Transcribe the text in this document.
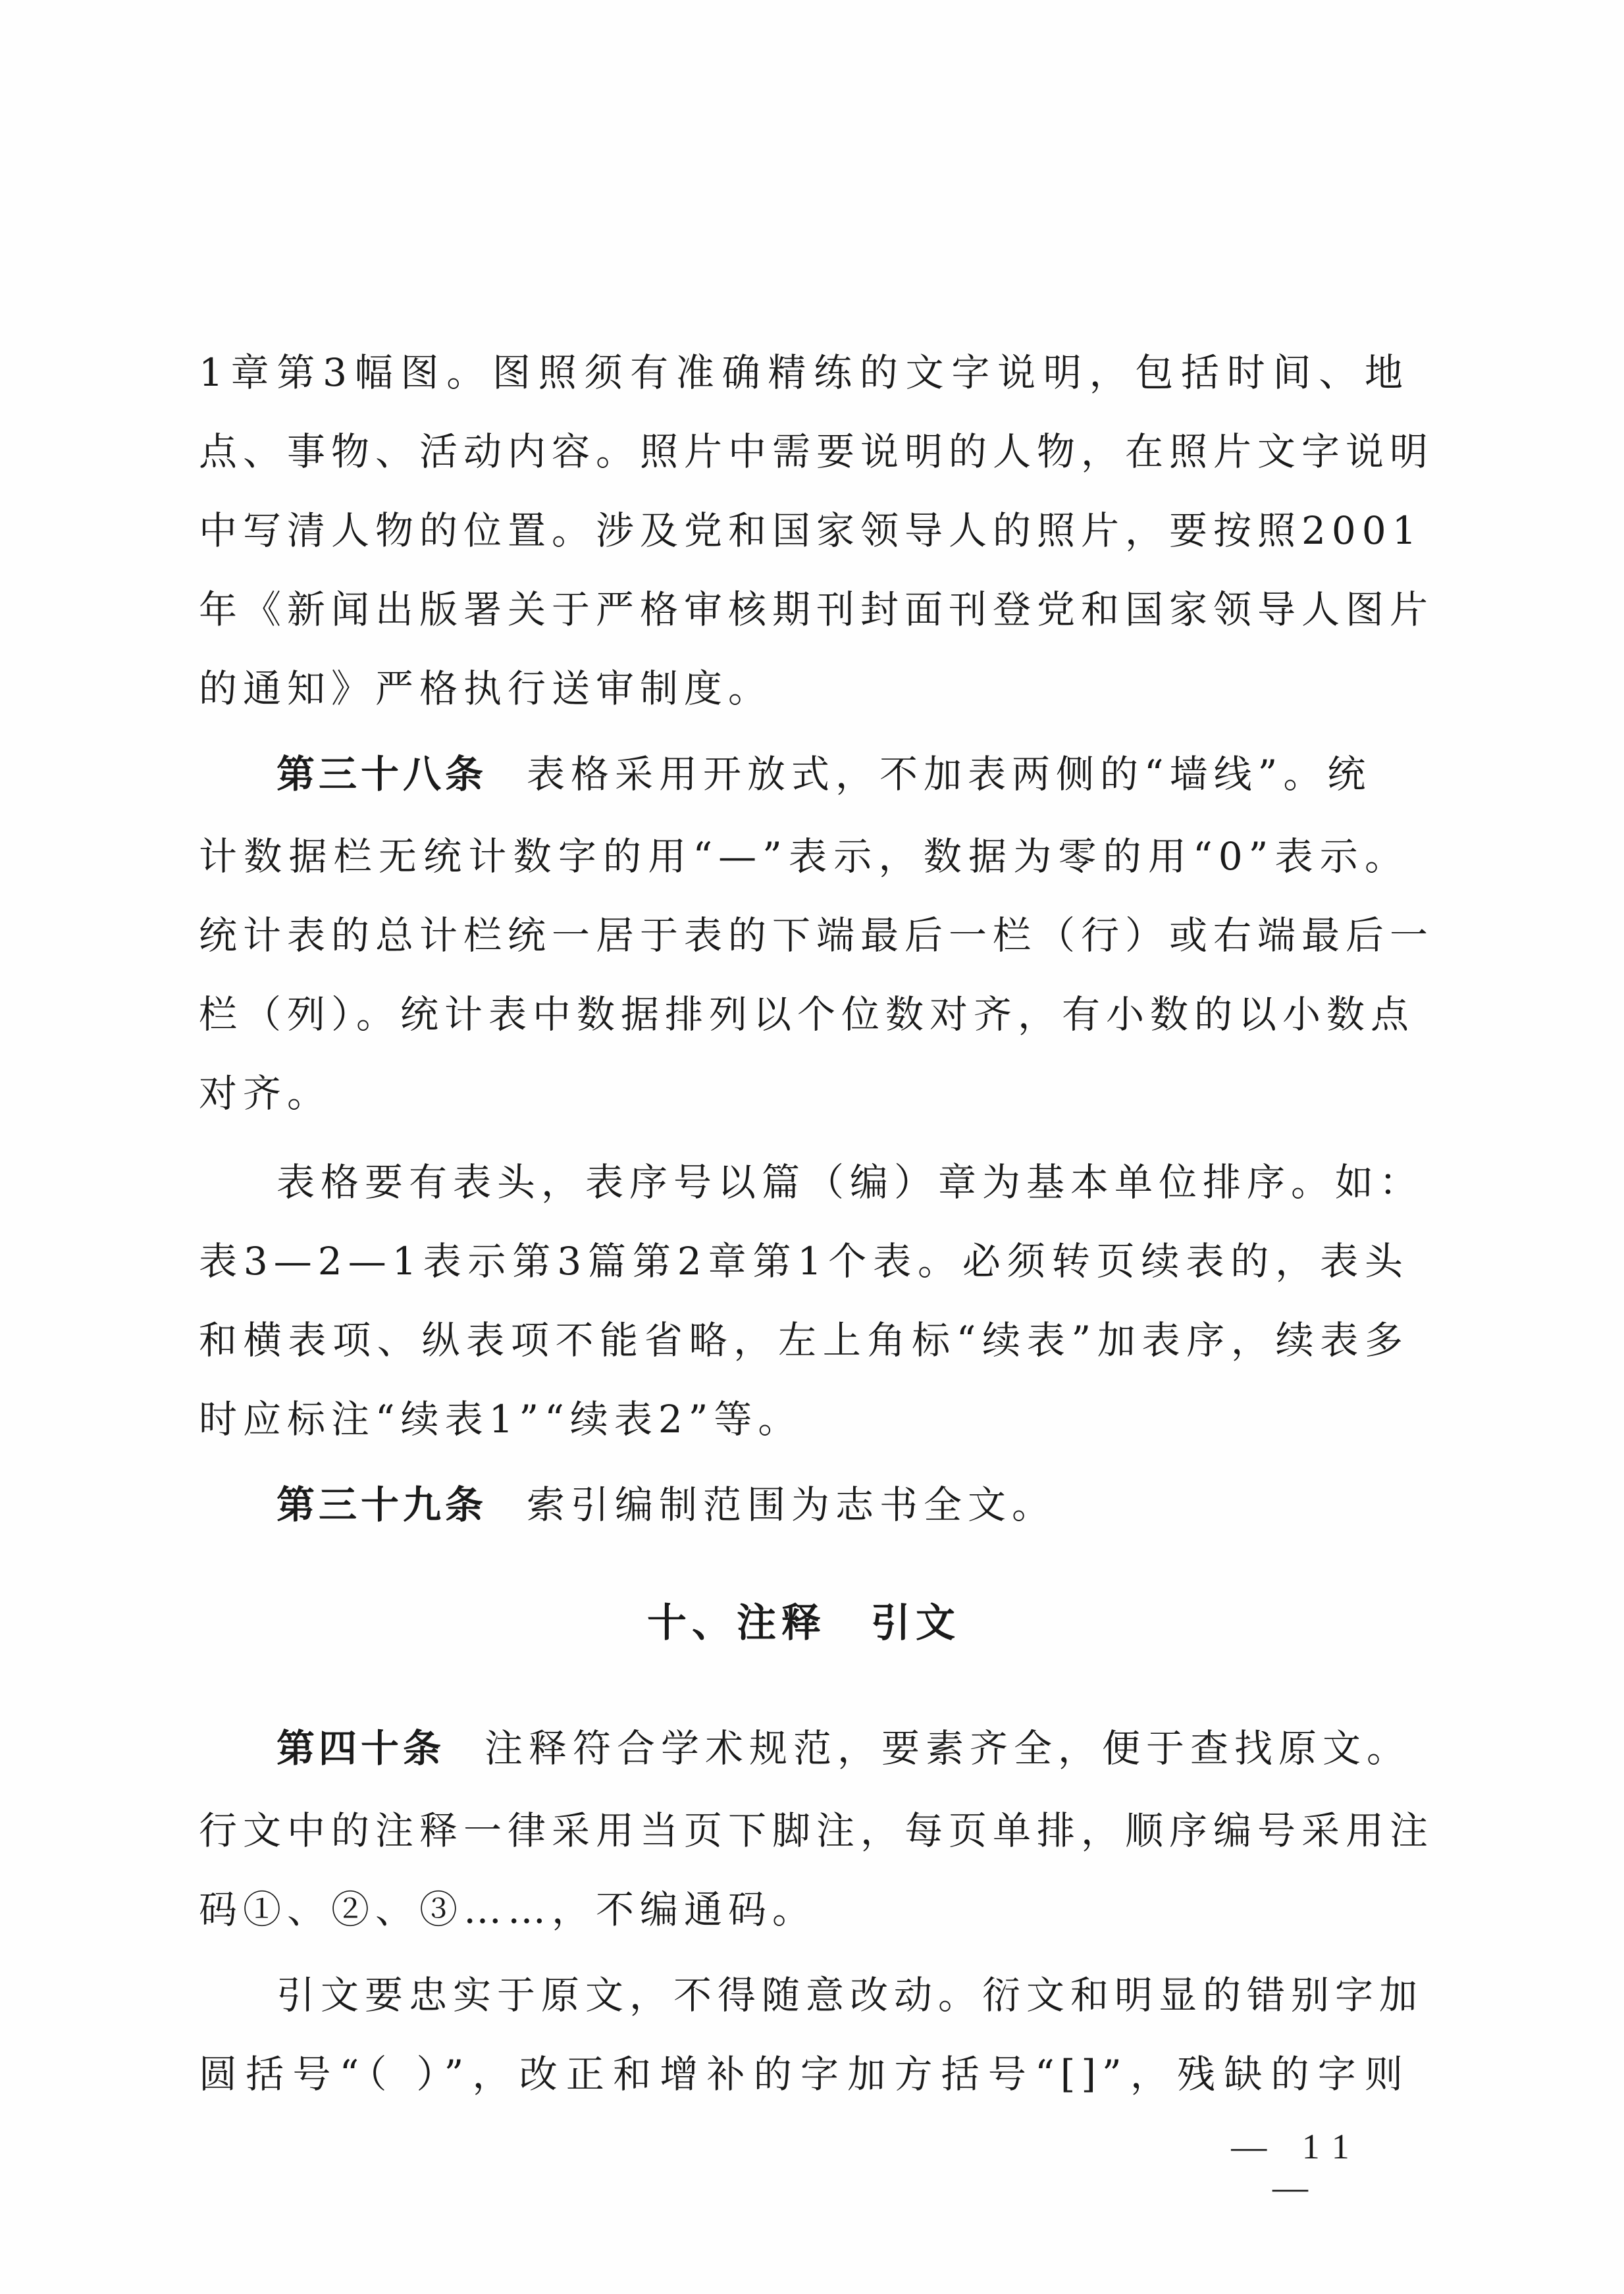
1章第3幅图。图照须有准确精练的文字说明，包括时间、地
点、事物、活动内容。照片中需要说明的人物，在照片文字说明
中写清人物的位置。涉及党和国家领导人的照片，要按照2001
年《新闻出版署关于严格审核期刊封面刊登党和国家领导人图片
的通知》严格执行送审制度。
第三十八条 表格采用开放式，不加表两侧的“墙线”。统
计数据栏无统计数字的用“—”表示，数据为零的用“0”表示。
统计表的总计栏统一居于表的下端最后一栏（行）或右端最后一
栏（列）。统计表中数据排列以个位数对齐，有小数的以小数点
对齐。
表格要有表头，表序号以篇（编）章为基本单位排序。如：
表3—2—1表示第3篇第2章第1个表。必须转页续表的，表头
和横表项、纵表项不能省略，左上角标“续表”加表序，续表多
时应标注“续表1”“续表2”等。
第三十九条 索引编制范围为志书全文。
十、注释　引文
第四十条 注释符合学术规范，要素齐全，便于查找原文。
行文中的注释一律采用当页下脚注，每页单排，顺序编号采用注
码①、②、③……，不编通码。
引文要忠实于原文，不得随意改动。衍文和明显的错别字加
圆括号“（ ）”，改正和增补的字加方括号“[]”，残缺的字则
— 11 —
